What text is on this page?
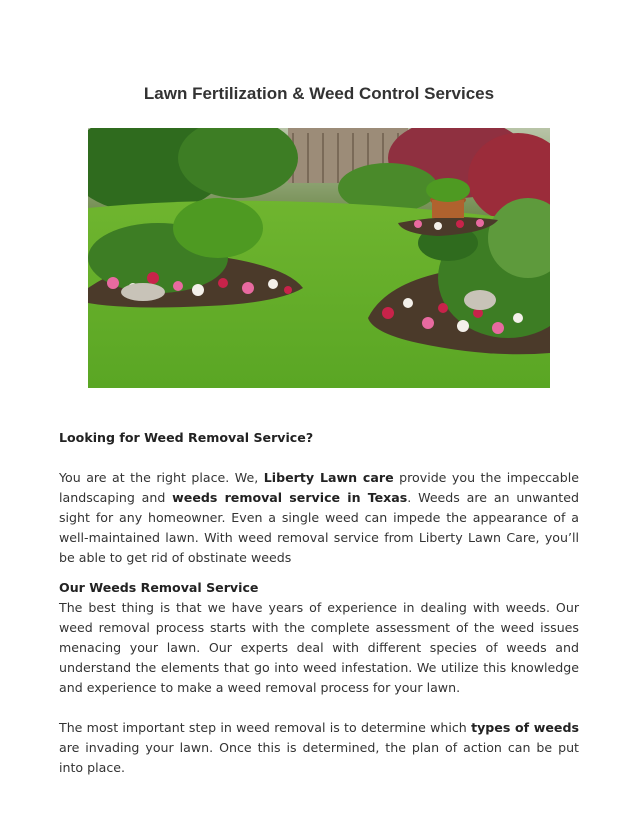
Lawn Fertilization & Weed Control Services

Looking for Weed Removal Service?

You are at the right place. We, Liberty Lawn care provide you the impeccable landscaping and weeds removal service in Texas. Weeds are an unwanted sight for any homeowner. Even a single weed can impede the appearance of a well-maintained lawn. With weed removal service from Liberty Lawn Care, you’ll be able to get rid of obstinate weeds

Our Weeds Removal Service

The best thing is that we have years of experience in dealing with weeds. Our weed removal process starts with the complete assessment of the weed issues menacing your lawn. Our experts deal with different species of weeds and understand the elements that go into weed infestation. We utilize this knowledge and experience to make a weed removal process for your lawn.

The most important step in weed removal is to determine which types of weeds are invading your lawn. Once this is determined, the plan of action can be put into place.
